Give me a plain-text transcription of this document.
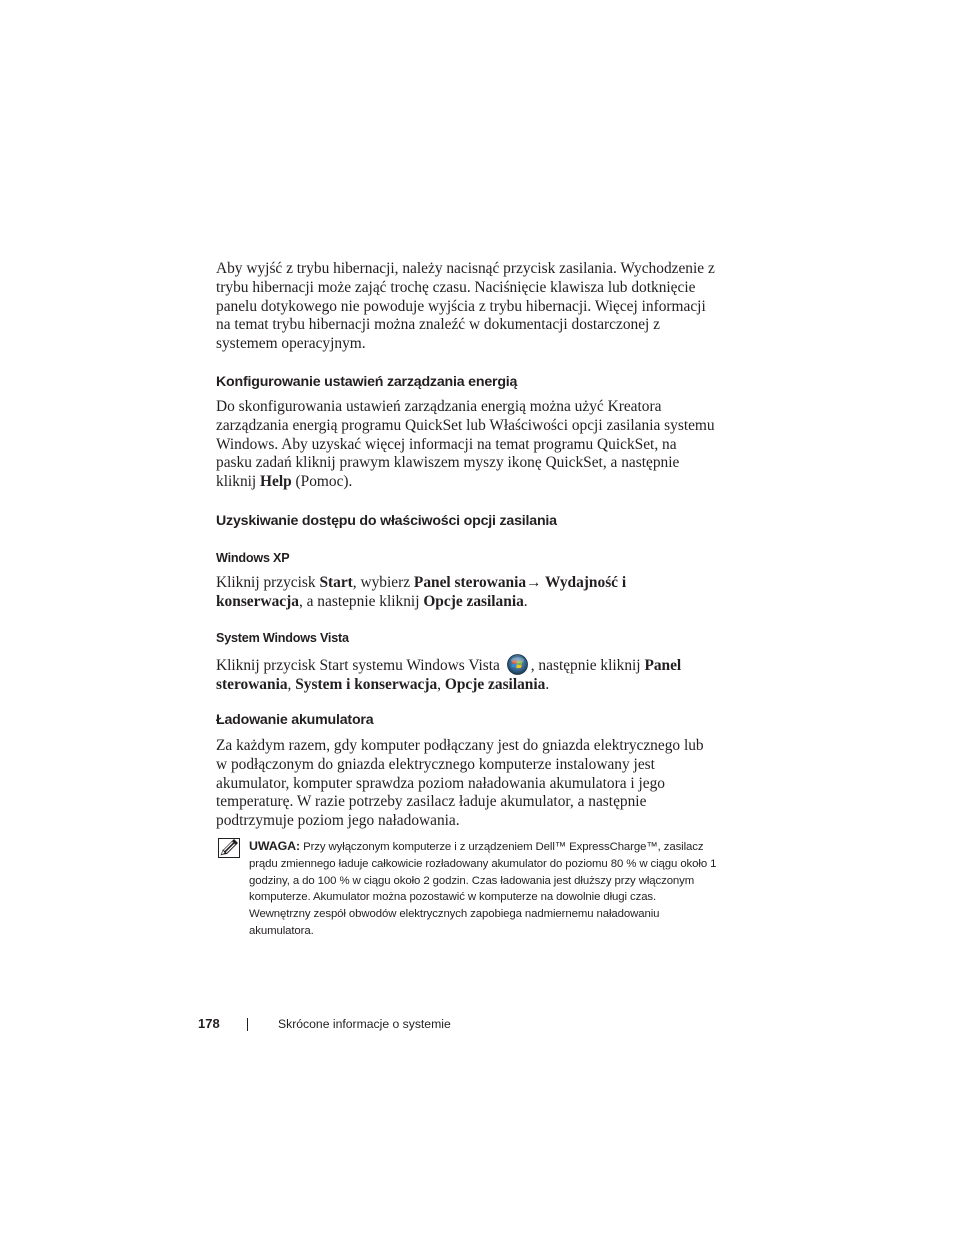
Aby wyjść z trybu hibernacji, należy nacisnąć przycisk zasilania. Wychodzenie z trybu hibernacji może zająć trochę czasu. Naciśnięcie klawisza lub dotknięcie panelu dotykowego nie powoduje wyjścia z trybu hibernacji. Więcej informacji na temat trybu hibernacji można znaleźć w dokumentacji dostarczonej z systemem operacyjnym.

Konfigurowanie ustawień zarządzania energią

Do skonfigurowania ustawień zarządzania energią można użyć Kreatora zarządzania energią programu QuickSet lub Właściwości opcji zasilania systemu Windows. Aby uzyskać więcej informacji na temat programu QuickSet, na pasku zadań kliknij prawym klawiszem myszy ikonę QuickSet, a następnie kliknij Help (Pomoc).

Uzyskiwanie dostępu do właściwości opcji zasilania
Windows XP

Kliknij przycisk Start, wybierz Panel sterowania→ Wydajność i konserwacja, a nastepnie kliknij Opcje zasilania.

System Windows Vista

Kliknij przycisk Start systemu Windows Vista , następnie kliknij Panel sterowania, System i konserwacja, Opcje zasilania.

Ładowanie akumulatora

Za każdym razem, gdy komputer podłączany jest do gniazda elektrycznego lub w podłączonym do gniazda elektrycznego komputerze instalowany jest akumulator, komputer sprawdza poziom naładowania akumulatora i jego temperaturę. W razie potrzeby zasilacz ładuje akumulator, a następnie podtrzymuje poziom jego naładowania.

UWAGA: Przy wyłączonym komputerze i z urządzeniem Dell™ ExpressCharge™, zasilacz prądu zmiennego ładuje całkowicie rozładowany akumulator do poziomu 80 % w ciągu około 1 godziny, a do 100 % w ciągu około 2 godzin. Czas ładowania jest dłuższy przy włączonym komputerze. Akumulator można pozostawić w komputerze na dowolnie długi czas. Wewnętrzny zespół obwodów elektrycznych zapobiega nadmiernemu naładowaniu akumulatora.

178	Skrócone informacje o systemie
